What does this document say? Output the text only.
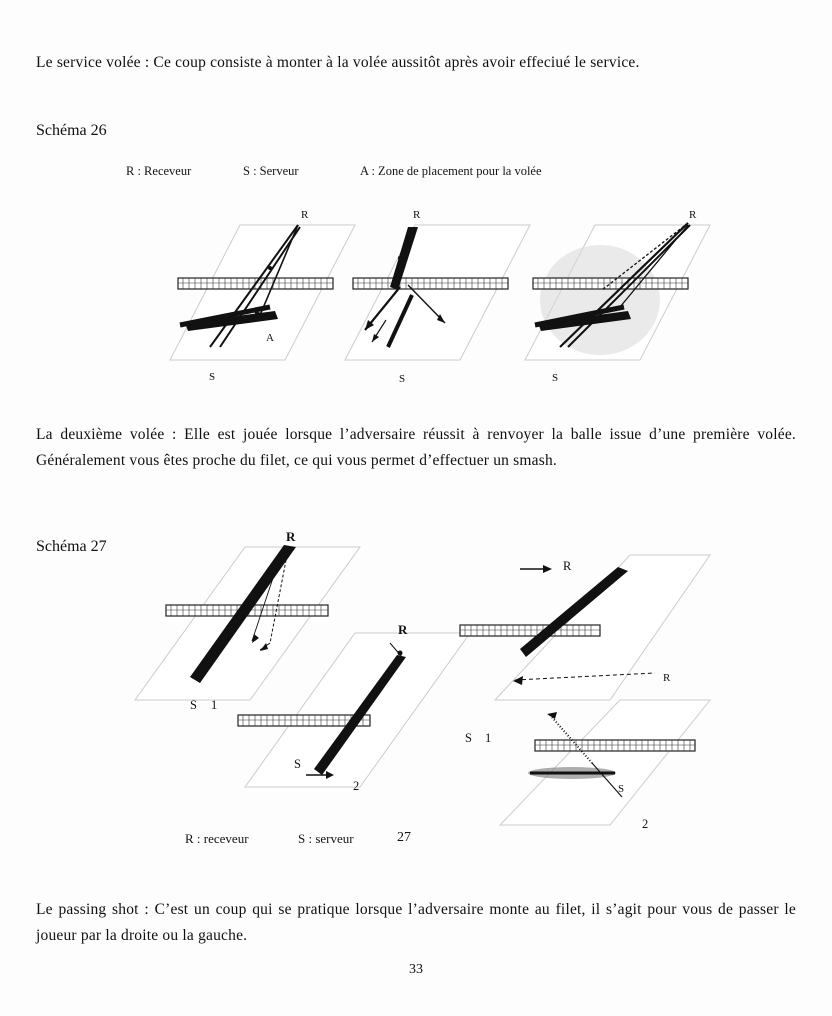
Le service volée : Ce coup consiste à monter à la volée aussitôt après avoir effeciué le service.
Schéma 26
R : Receveur	S : Serveur	A : Zone de placement pour la volée
R
S
A
R
S
R
S
La deuxième volée : Elle est jouée lorsque l’adversaire réussit à renvoyer la balle issue d’une première volée. Généralement vous êtes proche du filet, ce qui vous permet d’effectuer un smash.
Schéma 27
R
S 1
R
S
2
R
S 1
R
S
2
R : receveur	S : serveur	27
Le passing shot : C’est un coup qui se pratique lorsque l’adversaire monte au filet, il s’agit pour vous de passer le joueur par la droite ou la gauche.
33
